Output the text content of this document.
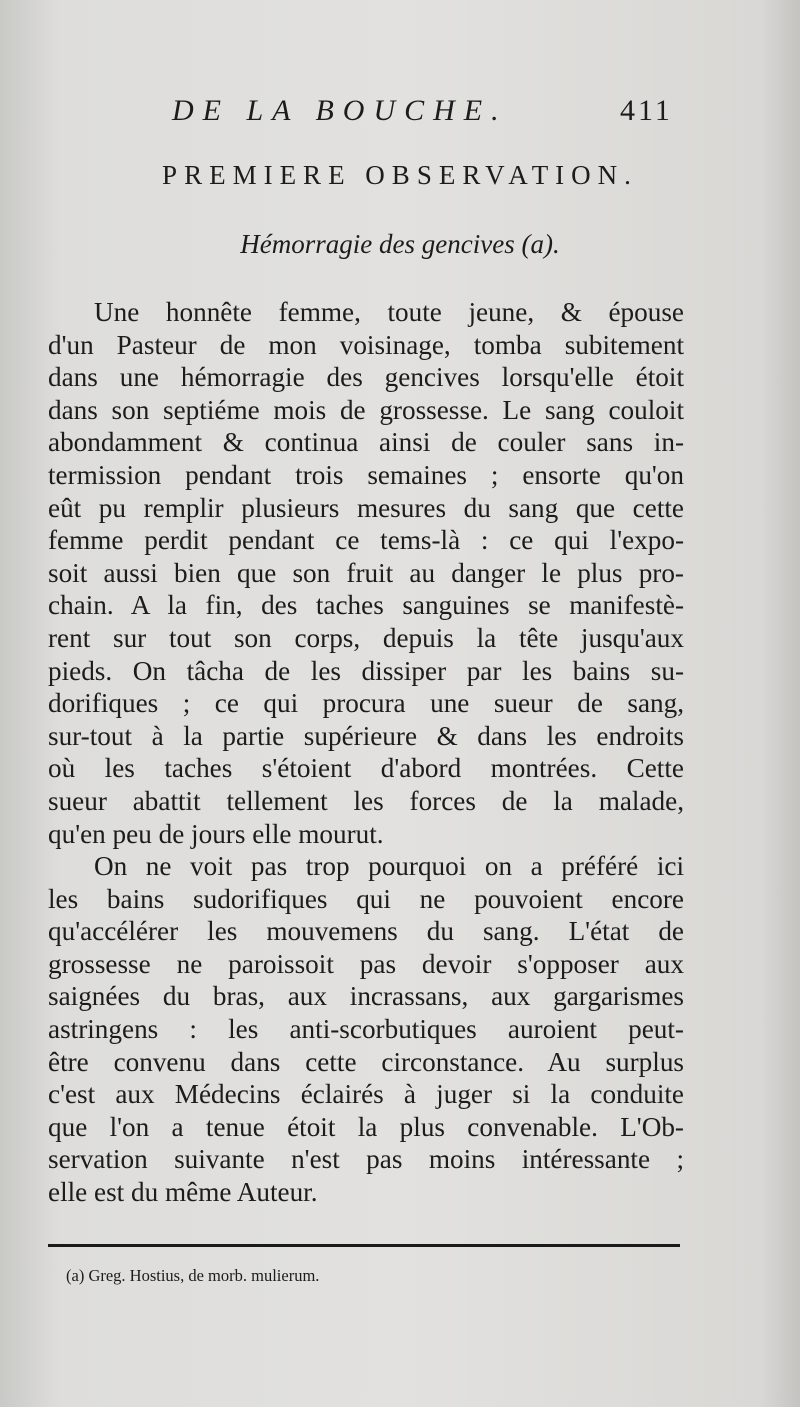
DE LA BOUCHE.	411
PREMIERE OBSERVATION.
Hémorragie des gencives (a).
Une honnête femme, toute jeune, & épouse
d'un Pasteur de mon voisinage, tomba subitement
dans une hémorragie des gencives lorsqu'elle étoit
dans son septiéme mois de grossesse. Le sang couloit
abondamment & continua ainsi de couler sans in-
termission pendant trois semaines ; ensorte qu'on
eût pu remplir plusieurs mesures du sang que cette
femme perdit pendant ce tems-là : ce qui l'expo-
soit aussi bien que son fruit au danger le plus pro-
chain. A la fin, des taches sanguines se manifestè-
rent sur tout son corps, depuis la tête jusqu'aux
pieds. On tâcha de les dissiper par les bains su-
dorifiques ; ce qui procura une sueur de sang,
sur-tout à la partie supérieure & dans les endroits
où les taches s'étoient d'abord montrées. Cette
sueur abattit tellement les forces de la malade,
qu'en peu de jours elle mourut.
On ne voit pas trop pourquoi on a préféré ici
les bains sudorifiques qui ne pouvoient encore
qu'accélérer les mouvemens du sang. L'état de
grossesse ne paroissoit pas devoir s'opposer aux
saignées du bras, aux incrassans, aux gargarismes
astringens : les anti-scorbutiques auroient peut-
être convenu dans cette circonstance. Au surplus
c'est aux Médecins éclairés à juger si la conduite
que l'on a tenue étoit la plus convenable. L'Ob-
servation suivante n'est pas moins intéressante ;
elle est du même Auteur.
(a) Greg. Hostius, de morb. mulierum.
